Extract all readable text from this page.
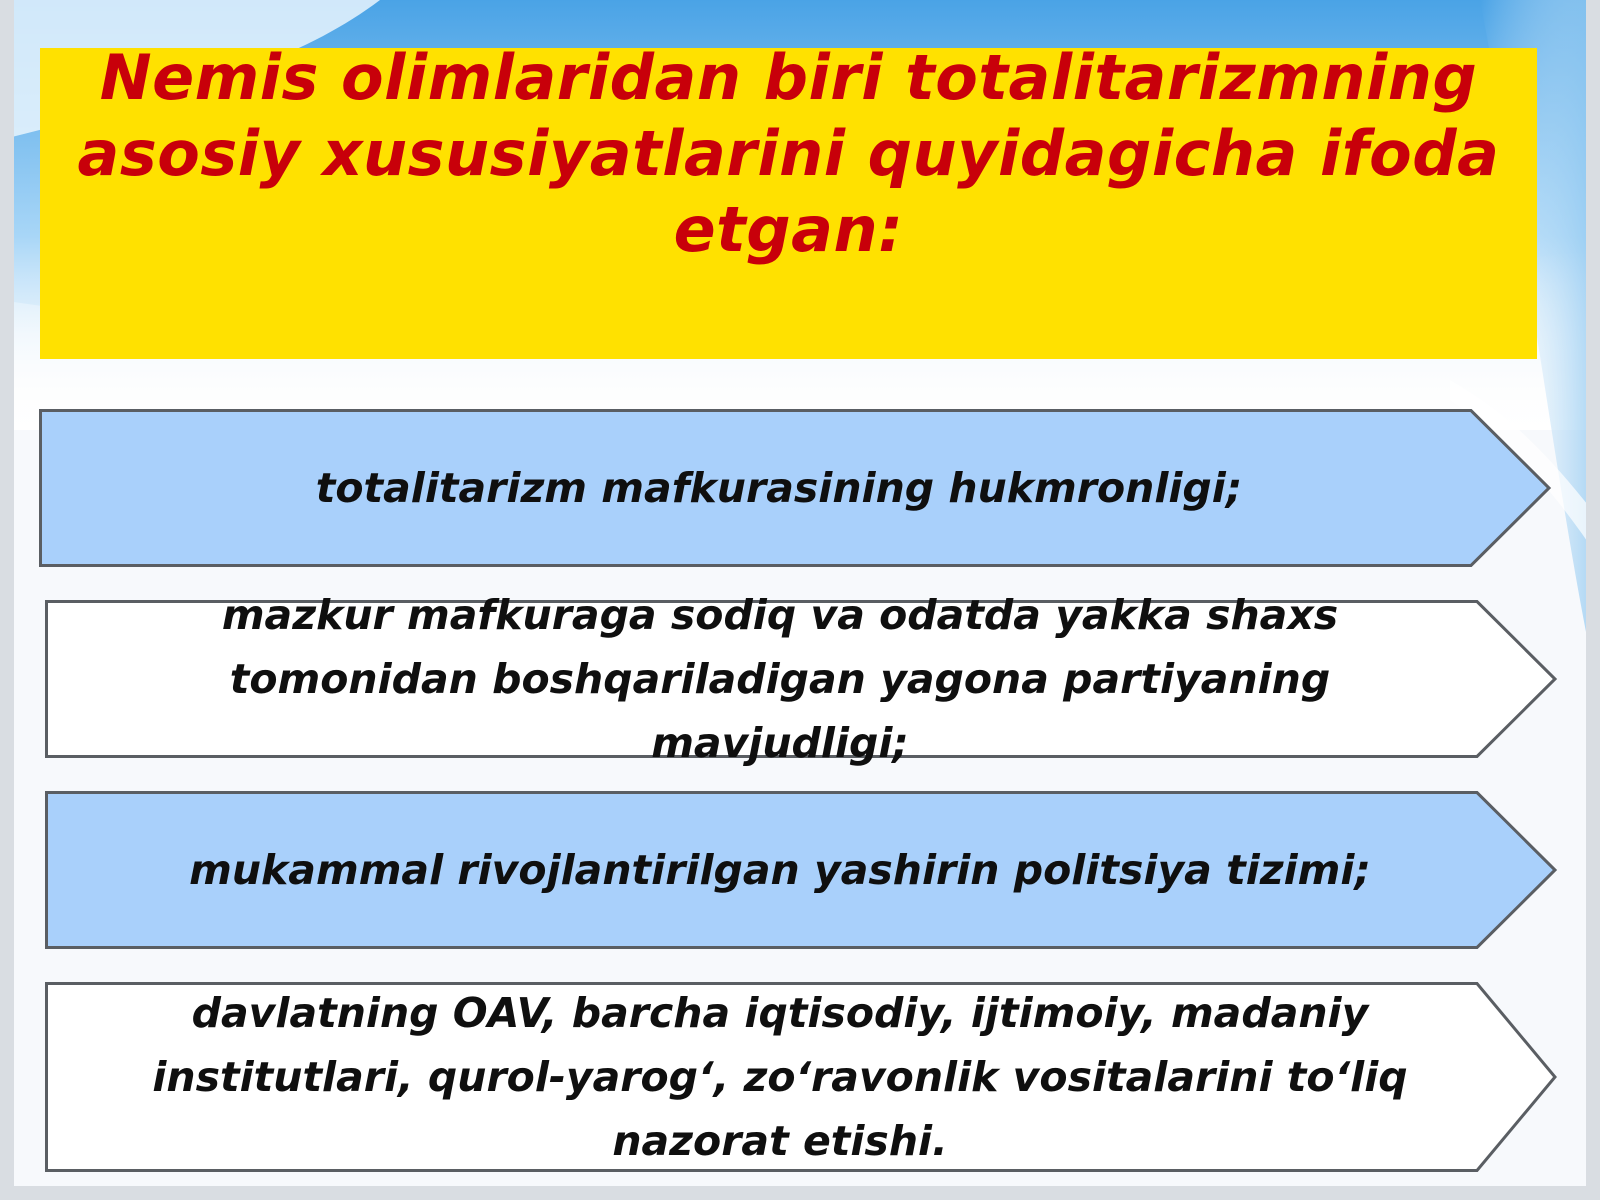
Nemis olimlaridan biri totalitarizmning asosiy xususiyatlarini quyidagicha ifoda etgan:
totalitarizm mafkurasining hukmronligi;
mazkur mafkuraga sodiq va odatda yakka shaxs tomonidan boshqariladigan yagona partiyaning mavjudligi;
mukammal rivojlantirilgan yashirin politsiya tizimi;
davlatning OAV, barcha iqtisodiy, ijtimoiy, madaniy institutlari, qurol-yarog‘, zo‘ravonlik vositalarini to‘liq nazorat etishi.
